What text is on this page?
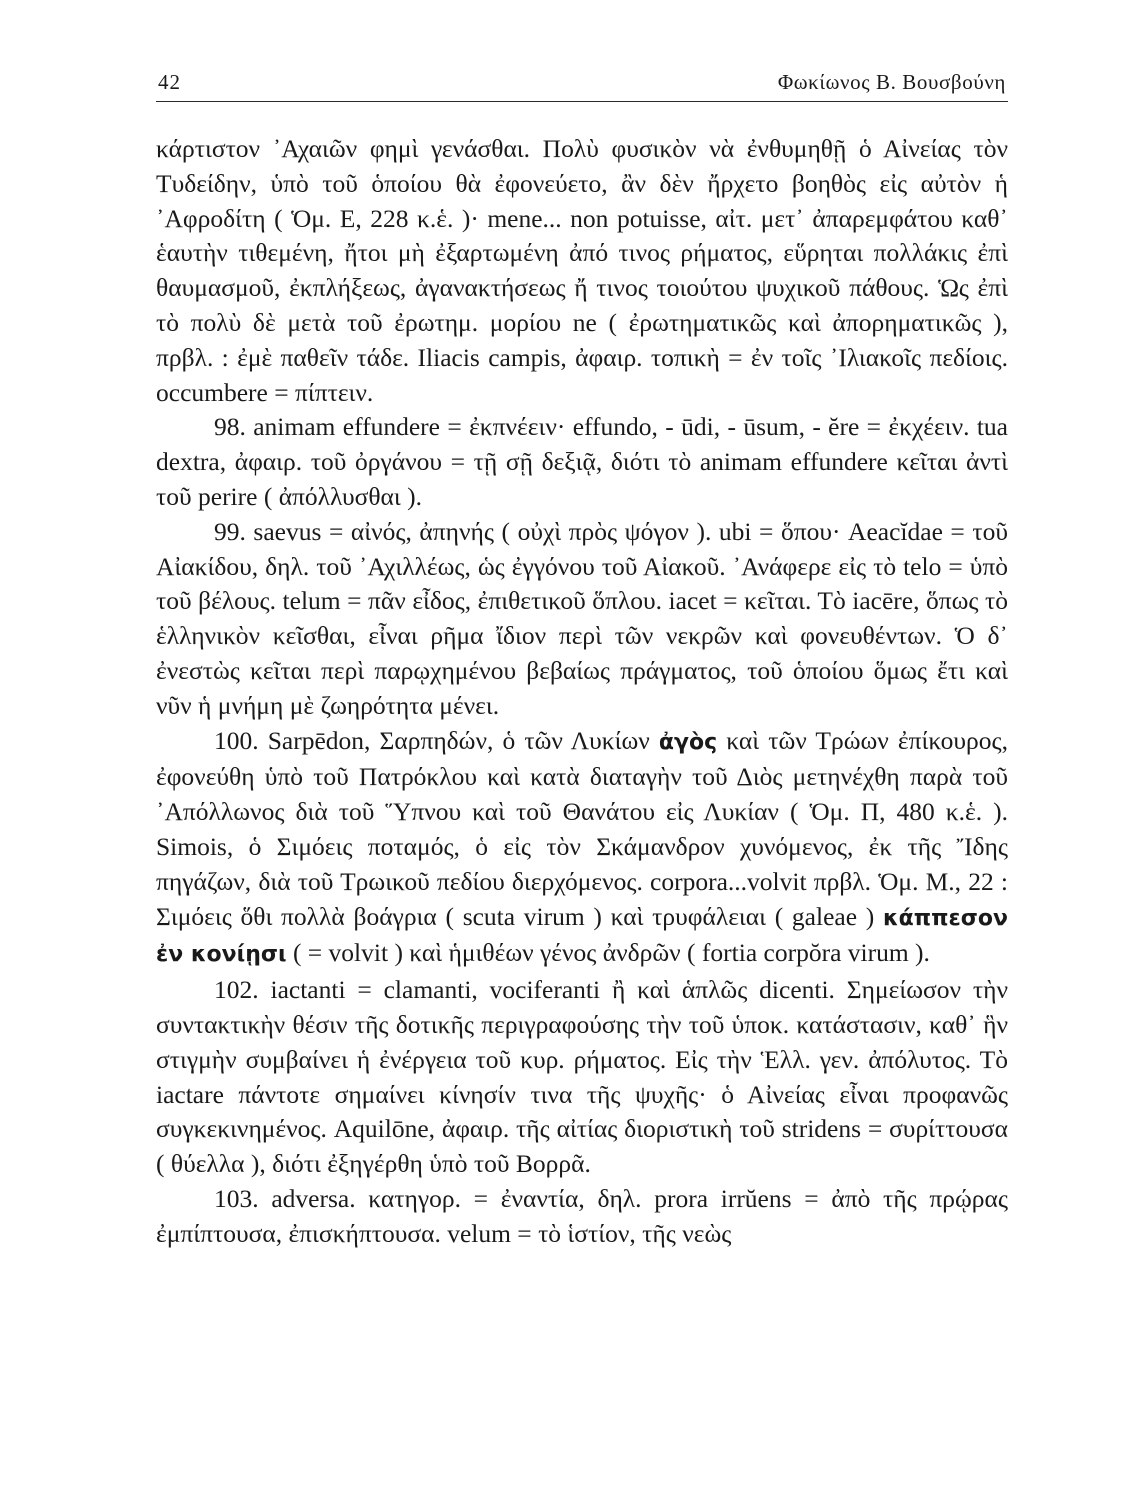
42	Φωκίωνος Β. Βουσβούνη

κάρτιστον ᾿Αχαιῶν φημὶ γενάσθαι. Πολὺ φυσικὸν νὰ ἐνθυμηθῇ ὁ Αἰνείας τὸν Τυδείδην, ὑπὸ τοῦ ὁποίου θὰ ἐφονεύετο, ἂν δὲν ἤρχετο βοηθὸς εἰς αὐτὸν ἡ ᾿Αφροδίτη ( Ὁμ. Ε, 228 κ.ἑ. )· mene... non potuisse, αἰτ. μετ᾿ ἀπαρεμφάτου καθ᾿ ἑαυτὴν τιθεμένη, ἤτοι μὴ ἐξαρτωμένη ἀπό τινος ρήματος, εὕρηται πολλάκις ἐπὶ θαυμασμοῦ, ἐκπλήξεως, ἀγανακτήσεως ἤ τινος τοιούτου ψυχικοῦ πάθους. Ὡς ἐπὶ τὸ πολὺ δὲ μετὰ τοῦ ἐρωτημ. μορίου ne ( ἐρωτηματικῶς καὶ ἀπορηματικῶς ), πρβλ. : ἐμὲ παθεῖν τάδε. Iliacis campis, ἀφαιρ. τοπικὴ = ἐν τοῖς ᾿Ιλιακοῖς πεδίοις. occumbere = πίπτειν.

98. animam effundere = ἐκπνέειν· effundo, - ūdi, - ūsum, - ĕre = ἐκχέειν. tua dextra, ἀφαιρ. τοῦ ὀργάνου = τῇ σῇ δεξιᾷ, διότι τὸ animam effundere κεῖται ἀντὶ τοῦ perire ( ἀπόλλυσθαι ).

99. saevus = αἰνός, ἀπηνής ( οὐχὶ πρὸς ψόγον ). ubi = ὅπου· Aeacĭdae = τοῦ Αἰακίδου, δηλ. τοῦ ᾿Αχιλλέως, ὡς ἐγγόνου τοῦ Αἰακοῦ. ᾿Ανάφερε εἰς τὸ telo = ὑπὸ τοῦ βέλους. telum = πᾶν εἶδος, ἐπιθετικοῦ ὅπλου. iacet = κεῖται. Τὸ iacēre, ὅπως τὸ ἑλληνικὸν κεῖσθαι, εἶναι ρῆμα ἴδιον περὶ τῶν νεκρῶν καὶ φονευθέντων. Ὁ δ᾿ ἐνεστὼς κεῖται περὶ παρῳχημένου βεβαίως πράγματος, τοῦ ὁποίου ὅμως ἔτι καὶ νῦν ἡ μνήμη μὲ ζωηρότητα μένει.

100. Sarpēdon, Σαρπηδών, ὁ τῶν Λυκίων ἀγὸς καὶ τῶν Τρώων ἐπίκουρος, ἐφονεύθη ὑπὸ τοῦ Πατρόκλου καὶ κατὰ διαταγὴν τοῦ Διὸς μετηνέχθη παρὰ τοῦ ᾿Απόλλωνος διὰ τοῦ Ὕπνου καὶ τοῦ Θανάτου εἰς Λυκίαν ( Ὁμ. Π, 480 κ.ἑ. ). Simois, ὁ Σιμόεις ποταμός, ὁ εἰς τὸν Σκάμανδρον χυνόμενος, ἐκ τῆς Ἴδης πηγάζων, διὰ τοῦ Τρωικοῦ πεδίου διερχόμενος. corpora...volvit πρβλ. Ὁμ. Μ., 22 : Σιμόεις ὅθι πολλὰ βοάγρια ( scuta virum ) καὶ τρυφάλειαι ( galeae ) κάππεσον ἐν κονίῃσι ( = volvit ) καὶ ἡμιθέων γένος ἀνδρῶν ( fortia corpŏra virum ).

102. iactanti = clamanti, vociferanti ἢ καὶ ἁπλῶς dicenti. Σημείωσον τὴν συντακτικὴν θέσιν τῆς δοτικῆς περιγραφούσης τὴν τοῦ ὑποκ. κατάστασιν, καθ᾿ ἣν στιγμὴν συμβαίνει ἡ ἐνέργεια τοῦ κυρ. ρήματος. Εἰς τὴν Ἑλλ. γεν. ἀπόλυτος. Τὸ iactare πάντοτε σημαίνει κίνησίν τινα τῆς ψυχῆς· ὁ Αἰνείας εἶναι προφανῶς συγκεκινημένος. Aquilōne, ἀφαιρ. τῆς αἰτίας διοριστικὴ τοῦ stridens = συρίττουσα ( θύελλα ), διότι ἐξηγέρθη ὑπὸ τοῦ Βορρᾶ.

103. adversa. κατηγορ. = ἐναντία, δηλ. prora irrŭens = ἀπὸ τῆς πρῴρας ἐμπίπτουσα, ἐπισκήπτουσα. velum = τὸ ἱστίον, τῆς νεὼς
